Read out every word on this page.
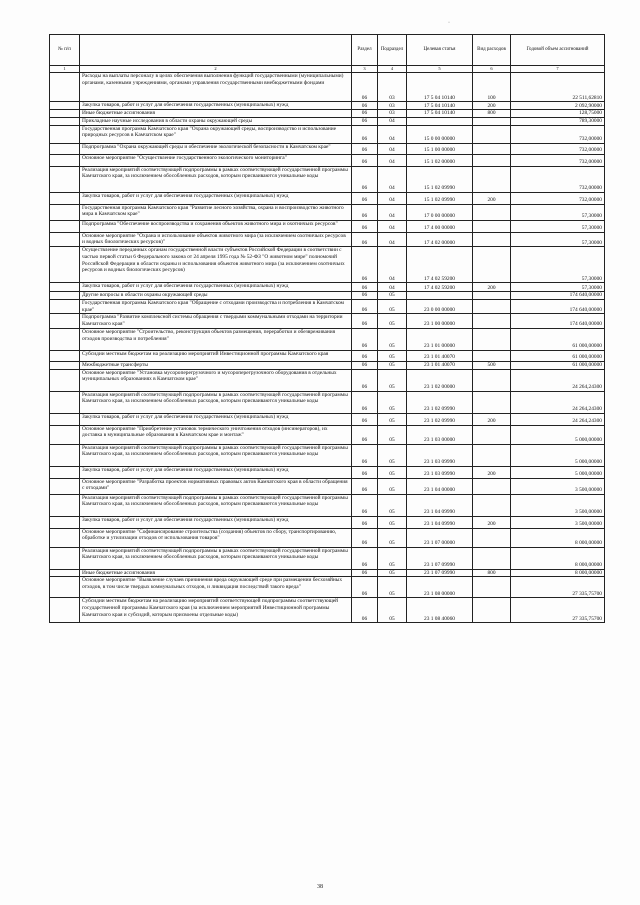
·
№ п/п		Раздел	Подраздел	Целевая статья	Вид расходов	Годовой объем ассигнований
1	2	3	4	5	6	7
	Расходы на выплаты персоналу в целях обеспечения выполнения функций государственными (муниципальными) органами, казенными учреждениями, органами управления государственными внебюджетными фондами	06	03	17 5 04 10140	100	22 511,62810
	Закупка товаров, работ и услуг для обеспечения государственных (муниципальных) нужд	06	03	17 5 04 10140	200	2 092,90000
	Иные бюджетные ассигнования	06	03	17 5 04 10140	800	128,75000
	Прикладные научные исследования в области охраны окружающей среды	06	04			789,30000
	Государственная программа Камчатского края "Охрана окружающей среды, воспроизводство и использование природных ресурсов в Камчатском крае"	06	04	15 0 00 00000		732,00000
	Подпрограмма "Охрана окружающей среды и обеспечение экологической безопасности в Камчатском крае"	06	04	15 1 00 00000		732,00000
	Основное мероприятие "Осуществление государственного экологического мониторинга"	06	04	15 1 02 00000		732,00000
	Реализация мероприятий соответствующей подпрограммы в рамках соответствующей государственной программы Камчатского края, за исключением обособленных расходов, которым присваиваются уникальные коды	06	04	15 1 02 09990		732,00000
	Закупка товаров, работ и услуг для обеспечения государственных (муниципальных) нужд	06	04	15 1 02 09990	200	732,00000
	Государственная программа Камчатского края "Развитие лесного хозяйства, охрана и воспроизводство животного мира в Камчатском крае"	06	04	17 0 00 00000		57,30000
	Подпрограмма "Обеспечение воспроизводства и сохранения объектов животного мира и охотничьих ресурсов"	06	04	17 4 00 00000		57,30000
	Основное мероприятие "Охрана и использование объектов животного мира (за исключением охотничьих ресурсов и водных биологических ресурсов)"	06	04	17 4 02 00000		57,30000
	Осуществление переданных органам государственной власти субъектов Российской Федерации в соответствии с частью первой статьи 6 Федерального закона от 24 апреля 1995 года № 52-ФЗ "О животном мире" полномочий Российской Федерации в области охраны и использования объектов животного мира (за исключением охотничьих ресурсов и водных биологических ресурсов)	06	04	17 4 02 59200		57,30000
	Закупка товаров, работ и услуг для обеспечения государственных (муниципальных) нужд	06	04	17 4 02 59200	200	57,30000
	Другие вопросы в области охраны окружающей среды	06	05			174 640,00000
	Государственная программа Камчатского края "Обращение с отходами производства и потребления в Камчатском крае"	06	05	23 0 00 00000		174 640,00000
	Подпрограмма "Развитие комплексной системы обращения с твердыми коммунальными отходами на территории Камчатского края"	06	05	23 1 00 00000		174 640,00000
	Основное мероприятие "Строительство, реконструкция объектов размещения, переработки и обезвреживания отходов производства и потребления"	06	05	23 1 01 00000		61 000,00000
	Субсидии местным бюджетам на реализацию мероприятий Инвестиционной программы Камчатского края	06	05	23 1 01 40070		61 000,00000
	Межбюджетные трансферты	06	05	23 1 01 40070	500	61 000,00000
	Основное мероприятие "Установка мусороперегрузочного и мусороперегрузочного оборудования в отдельных муниципальных образованиях в Камчатском крае"	06	05	23 1 02 00000		24 264,24300
	Реализация мероприятий соответствующей подпрограммы в рамках соответствующей государственной программы Камчатского края, за исключением обособленных расходов, которым присваиваются уникальные коды	06	05	23 1 02 09990		24 264,24300
	Закупка товаров, работ и услуг для обеспечения государственных (муниципальных) нужд	06	05	23 1 02 09990	200	24 264,24300
	Основное мероприятие "Приобретение установок термического уничтожения отходов (инсинераторов), их доставка в муниципальные образования в Камчатском крае и монтаж"	06	05	23 1 03 00000		5 000,00000
	Реализация мероприятий соответствующей подпрограммы в рамках соответствующей государственной программы Камчатского края, за исключением обособленных расходов, которым присваиваются уникальные коды	06	05	23 1 03 09990		5 000,00000
	Закупка товаров, работ и услуг для обеспечения государственных (муниципальных) нужд	06	05	23 1 03 09990	200	5 000,00000
	Основное мероприятие "Разработка проектов нормативных правовых актов Камчатского края в области обращения с отходами"	06	05	23 1 04 00000		3 500,00000
	Реализация мероприятий соответствующей подпрограммы в рамках соответствующей государственной программы Камчатского края, за исключением обособленных расходов, которым присваиваются уникальные коды	06	05	23 1 04 09990		3 500,00000
	Закупка товаров, работ и услуг для обеспечения государственных (муниципальных) нужд	06	05	23 1 04 09990	200	3 500,00000
	Основное мероприятие "Софинансирование строительства (создания) объектов по сбору, транспортированию, обработке и утилизации отходов от использования товаров"	06	05	23 1 07 00000		8 000,00000
	Реализация мероприятий соответствующей подпрограммы в рамках соответствующей государственной программы Камчатского края, за исключением обособленных расходов, которым присваиваются уникальные коды	06	05	23 1 07 09990		8 000,00000
	Иные бюджетные ассигнования	06	05	23 1 07 09990	800	8 000,00000
	Основное мероприятие "Выявление случаев причинения вреда окружающей среде при размещении бесхозяйных отходов, в том числе твердых коммунальных отходов, и ликвидация последствий такого вреда"	06	05	23 1 08 00000		27 335,75700
	Субсидии местным бюджетам на реализацию мероприятий соответствующей подпрограммы соответствующей государственной программы Камчатского края (за исключением мероприятий Инвестиционной программы Камчатского края и субсидий, которым присвоены отдельные коды)	06	05	23 1 08 40060		27 335,75700
38
